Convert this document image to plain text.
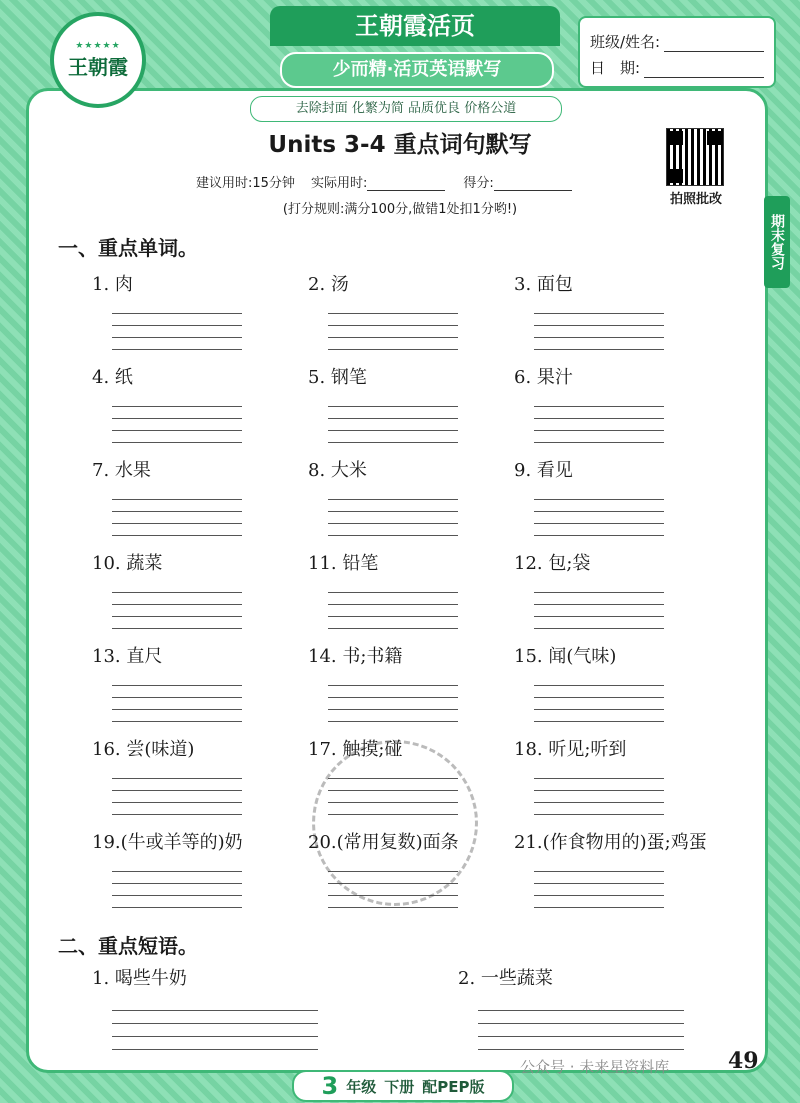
★★★★★
王朝霞
王朝霞活页
少而精·活页英语默写
去除封面 化繁为简 品质优良 价格公道
班级/姓名:
日　期:
Units 3-4 重点词句默写
建议用时:15分钟 实际用时:	得分:
(打分规则:满分100分,做错1处扣1分哟!)
拍照批改
期末复习
一、重点单词。
1. 肉	2. 汤	3. 面包
4. 纸	5. 钢笔	6. 果汁
7. 水果	8. 大米	9. 看见
10. 蔬菜	11. 铅笔	12. 包;袋
13. 直尺	14. 书;书籍	15. 闻(气味)
16. 尝(味道)	17. 触摸;碰	18. 听见;听到
19.(牛或羊等的)奶	20.(常用复数)面条	21.(作食物用的)蛋;鸡蛋
二、重点短语。
1. 喝些牛奶	2. 一些蔬菜
公众号 · 未来星资料库	49
3 年级 下册 配PEP版
